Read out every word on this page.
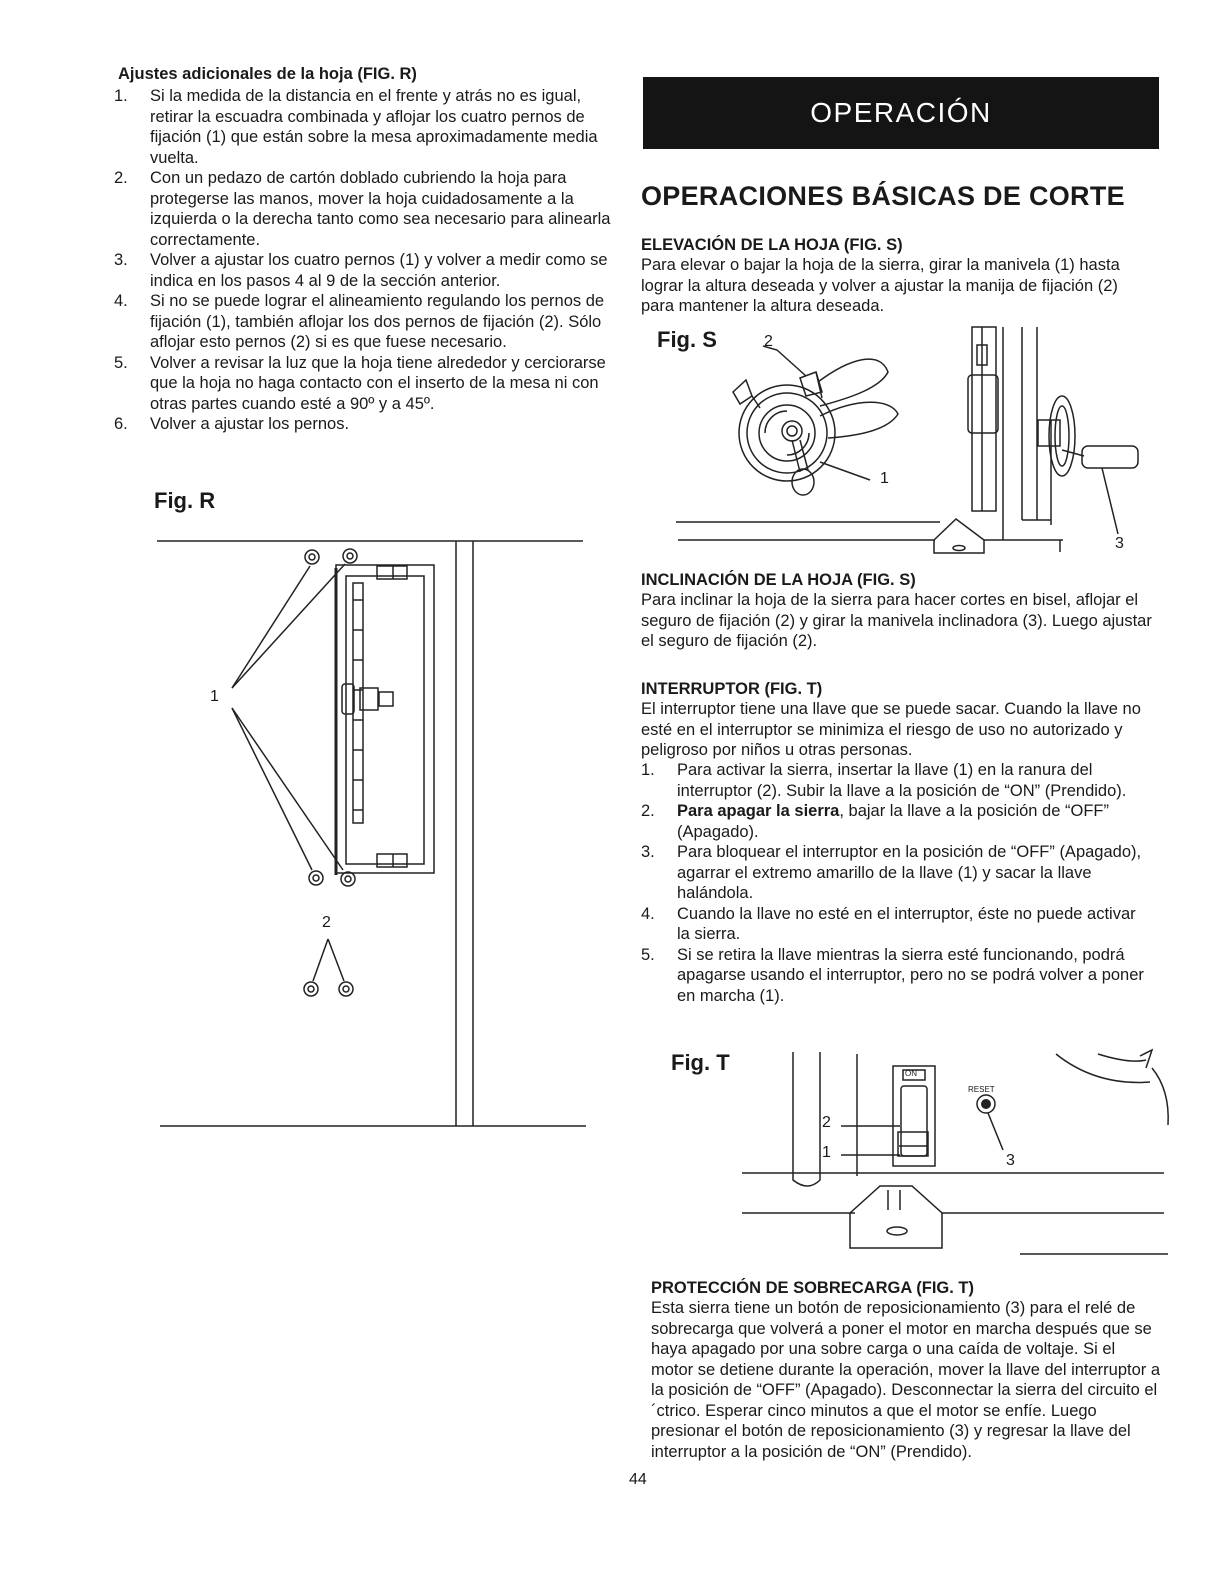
Ajustes adicionales de la hoja (FIG. R)
1.	Si la medida de la distancia en el frente y atrás no es igual, retirar la escuadra combinada y aflojar los cuatro pernos de fijación (1) que están sobre la mesa aproximadamente media vuelta.
2.	Con un pedazo de cartón doblado cubriendo la hoja para protegerse las manos, mover la hoja cuidadosamente a la izquierda o la derecha tanto como sea necesario para alinearla correctamente.
3.	Volver a ajustar los cuatro pernos (1) y volver a medir como se indica en los pasos 4 al 9 de la sección anterior.
4.	Si no se puede lograr el alineamiento regulando los pernos de fijación (1), también aflojar los dos pernos de fijación (2). Sólo aflojar esto pernos (2) si es que fuese necesario.
5.	Volver a revisar la luz que la hoja tiene alrededor y cerciorarse que la hoja no haga contacto con el inserto de la mesa ni con otras partes cuando esté a 90º y a 45º.
6.	Volver a ajustar los pernos.
Fig. R
1
2
OPERACIÓN
OPERACIONES BÁSICAS DE CORTE
ELEVACIÓN DE LA HOJA (FIG. S)
Para elevar o bajar la hoja de la sierra, girar la manivela (1) hasta lograr la altura deseada y volver a ajustar la manija de fijación (2) para mantener la altura deseada.
Fig. S	2
1
3
INCLINACIÓN DE LA HOJA (FIG. S)
Para inclinar la hoja de la sierra para hacer cortes en bisel, aflojar el seguro de fijación (2) y girar la manivela inclinadora (3). Luego ajustar el seguro de fijación (2).
INTERRUPTOR (FIG. T)
El interruptor tiene una llave que se puede sacar. Cuando la llave no esté en el interruptor se minimiza el riesgo de uso no autorizado y peligroso por niños u otras personas.
1.	Para activar la sierra, insertar la llave (1) en la ranura del interruptor (2). Subir la llave a la posición de “ON” (Prendido).
2.	Para apagar la sierra, bajar la llave a la posición de “OFF” (Apagado).
3.	Para bloquear el interruptor en la posición de “OFF” (Apagado), agarrar el extremo amarillo de la llave (1) y sacar la llave halándola.
4.	Cuando la llave no esté en el interruptor, éste no puede activar la sierra.
5.	Si se retira la llave mientras la sierra esté funcionando, podrá apagarse usando el interruptor, pero no se podrá volver a poner en marcha (1).
Fig. T	ON
RESET
2
1	3
PROTECCIÓN DE SOBRECARGA (FIG. T)
Esta sierra tiene un botón de reposicionamiento (3) para el relé de sobrecarga que volverá a poner el motor en marcha después que se haya apagado por una sobre carga o una caída de voltaje. Si el motor se detiene durante la operación, mover la llave del interruptor a la posición de “OFF” (Apagado). Desconnectar la sierra del circuito el´ctrico. Esperar cinco minutos a que el motor se enfíe. Luego presionar el botón de reposicionamiento (3) y regresar la llave del interruptor a la posición de “ON” (Prendido).
44
